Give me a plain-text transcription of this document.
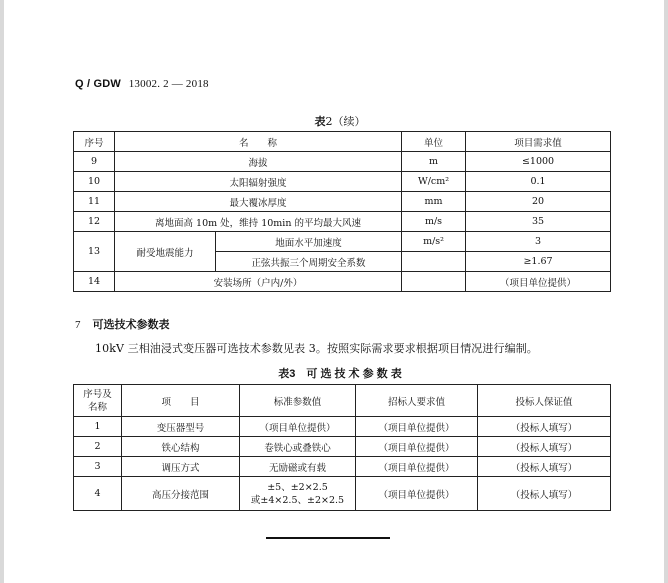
Q / GDW 13002. 2 — 2018
表2（续）
序号	名　　称		单位	项目需求值
9	海拔		m	≤1000
10	太阳辐射强度		W/cm²	0.1
11	最大覆冰厚度		mm	20
12	离地面高 10m 处，维持 10min 的平均最大风速		m/s	35
13	耐受地震能力	地面水平加速度	m/s²	3
		正弦共振三个周期安全系数		≥1.67
14	安装场所（户内/外）			（项目单位提供）
7 可选技术参数表
10kV 三相油浸式变压器可选技术参数见表 3。按照实际需求要求根据项目情况进行编制。
表3　可 选 技 术 参 数 表
序号及
名称	项　　目	标准参数值	招标人要求值	投标人保证值
1	变压器型号	（项目单位提供）	（项目单位提供）	（投标人填写）
2	铁心结构	卷铁心或叠铁心	（项目单位提供）	（投标人填写）
3	调压方式	无励磁或有载	（项目单位提供）	（投标人填写）
4	高压分接范围	±5、±2×2.5
或±4×2.5、±2×2.5	（项目单位提供）	（投标人填写）
